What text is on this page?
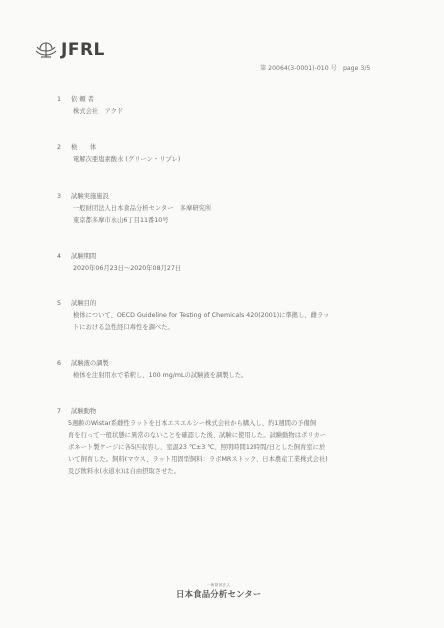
JFRL
第 20064(3-0001)-010 号　page 3/5
1 依 頼 者
株式会社　アクド
2 検　　体
電解次亜塩素酸水 (グリーン・リプレ)
3 試験実施施設
一般財団法人日本食品分析センター　多摩研究所
東京都多摩市永山6丁目11番10号
4 試験期間
2020年06月23日～2020年08月27日
5 試験目的
検体について、OECD Guideline for Testing of Chemicals 420(2001)に準拠し、雌ラッ
トにおける急性経口毒性を調べた。
6 試験液の調製
検体を注射用水で希釈し、100 mg/mLの試験液を調製した。
7 試験動物
5週齢のWistar系雌性ラットを日本エスエルシー株式会社から購入し、約1週間の予備飼
育を行って一般状態に異常のないことを確認した後、試験に使用した。試験動物はポリカー
ボネート製ケージに各5匹収容し、室温23 ℃±3 ℃、照明時間12時間/日とした飼育室に於
いて飼育した。飼料(マウス、ラット用固型飼料：ラボMRストック、日本農産工業株式会社)
及び飲料水(水道水)は自由摂取させた。
一般財団法人
日本食品分析センター
